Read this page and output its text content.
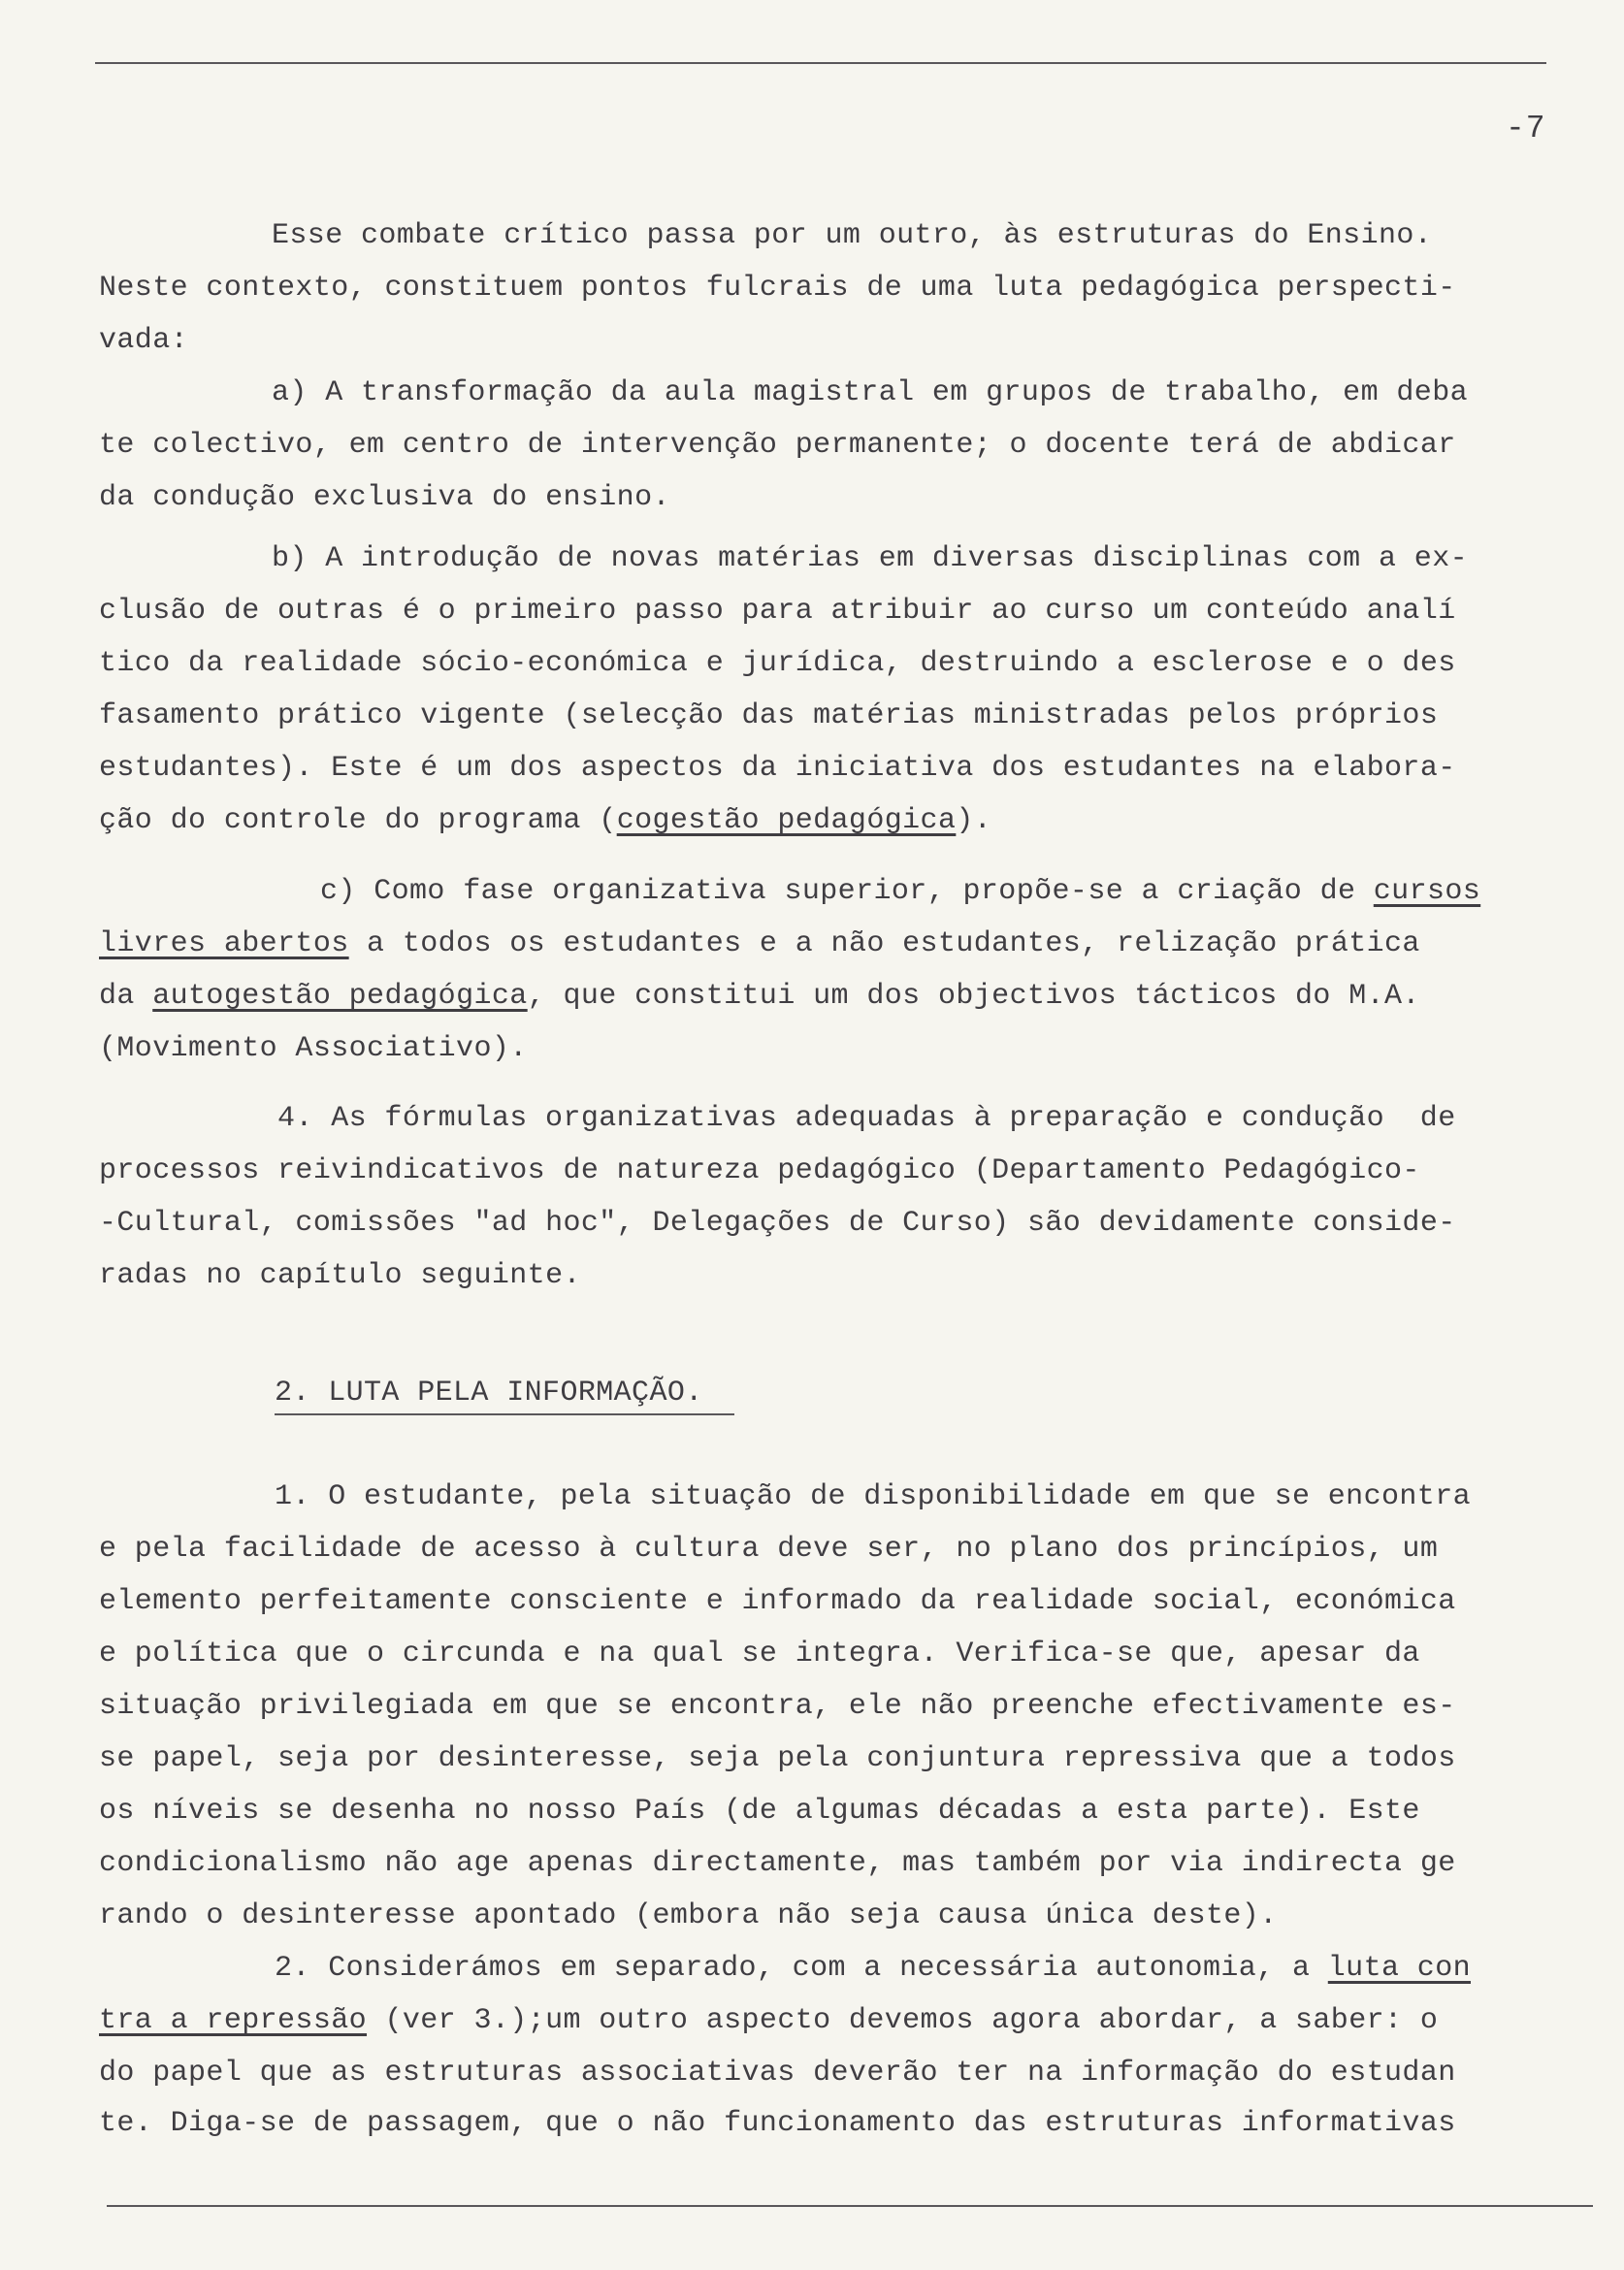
-7
Esse combate crítico passa por um outro, às estruturas do Ensino.
Neste contexto, constituem pontos fulcrais de uma luta pedagógica perspecti-
vada:
a) A transformação da aula magistral em grupos de trabalho, em deba
te colectivo, em centro de intervenção permanente; o docente terá de abdicar
da condução exclusiva do ensino.
b) A introdução de novas matérias em diversas disciplinas com a ex-
clusão de outras é o primeiro passo para atribuir ao curso um conteúdo analí
tico da realidade sócio-económica e jurídica, destruindo a esclerose e o des
fasamento prático vigente (selecção das matérias ministradas pelos próprios
estudantes). Este é um dos aspectos da iniciativa dos estudantes na elabora-
ção do controle do programa (cogestão pedagógica).
c) Como fase organizativa superior, propõe-se a criação de cursos
livres abertos a todos os estudantes e a não estudantes, relização prática
da autogestão pedagógica, que constitui um dos objectivos tácticos do M.A.
(Movimento Associativo).
4. As fórmulas organizativas adequadas à preparação e condução  de
processos reivindicativos de natureza pedagógico (Departamento Pedagógico-
-Cultural, comissões "ad hoc", Delegações de Curso) são devidamente conside-
radas no capítulo seguinte.
2. LUTA PELA INFORMAÇÃO.
1. O estudante, pela situação de disponibilidade em que se encontra
e pela facilidade de acesso à cultura deve ser, no plano dos princípios, um
elemento perfeitamente consciente e informado da realidade social, económica
e política que o circunda e na qual se integra. Verifica-se que, apesar da
situação privilegiada em que se encontra, ele não preenche efectivamente es-
se papel, seja por desinteresse, seja pela conjuntura repressiva que a todos
os níveis se desenha no nosso País (de algumas décadas a esta parte). Este
condicionalismo não age apenas directamente, mas também por via indirecta ge
rando o desinteresse apontado (embora não seja causa única deste).
2. Considerámos em separado, com a necessária autonomia, a luta con
tra a repressão (ver 3.);um outro aspecto devemos agora abordar, a saber: o
do papel que as estruturas associativas deverão ter na informação do estudan
te. Diga-se de passagem, que o não funcionamento das estruturas informativas
